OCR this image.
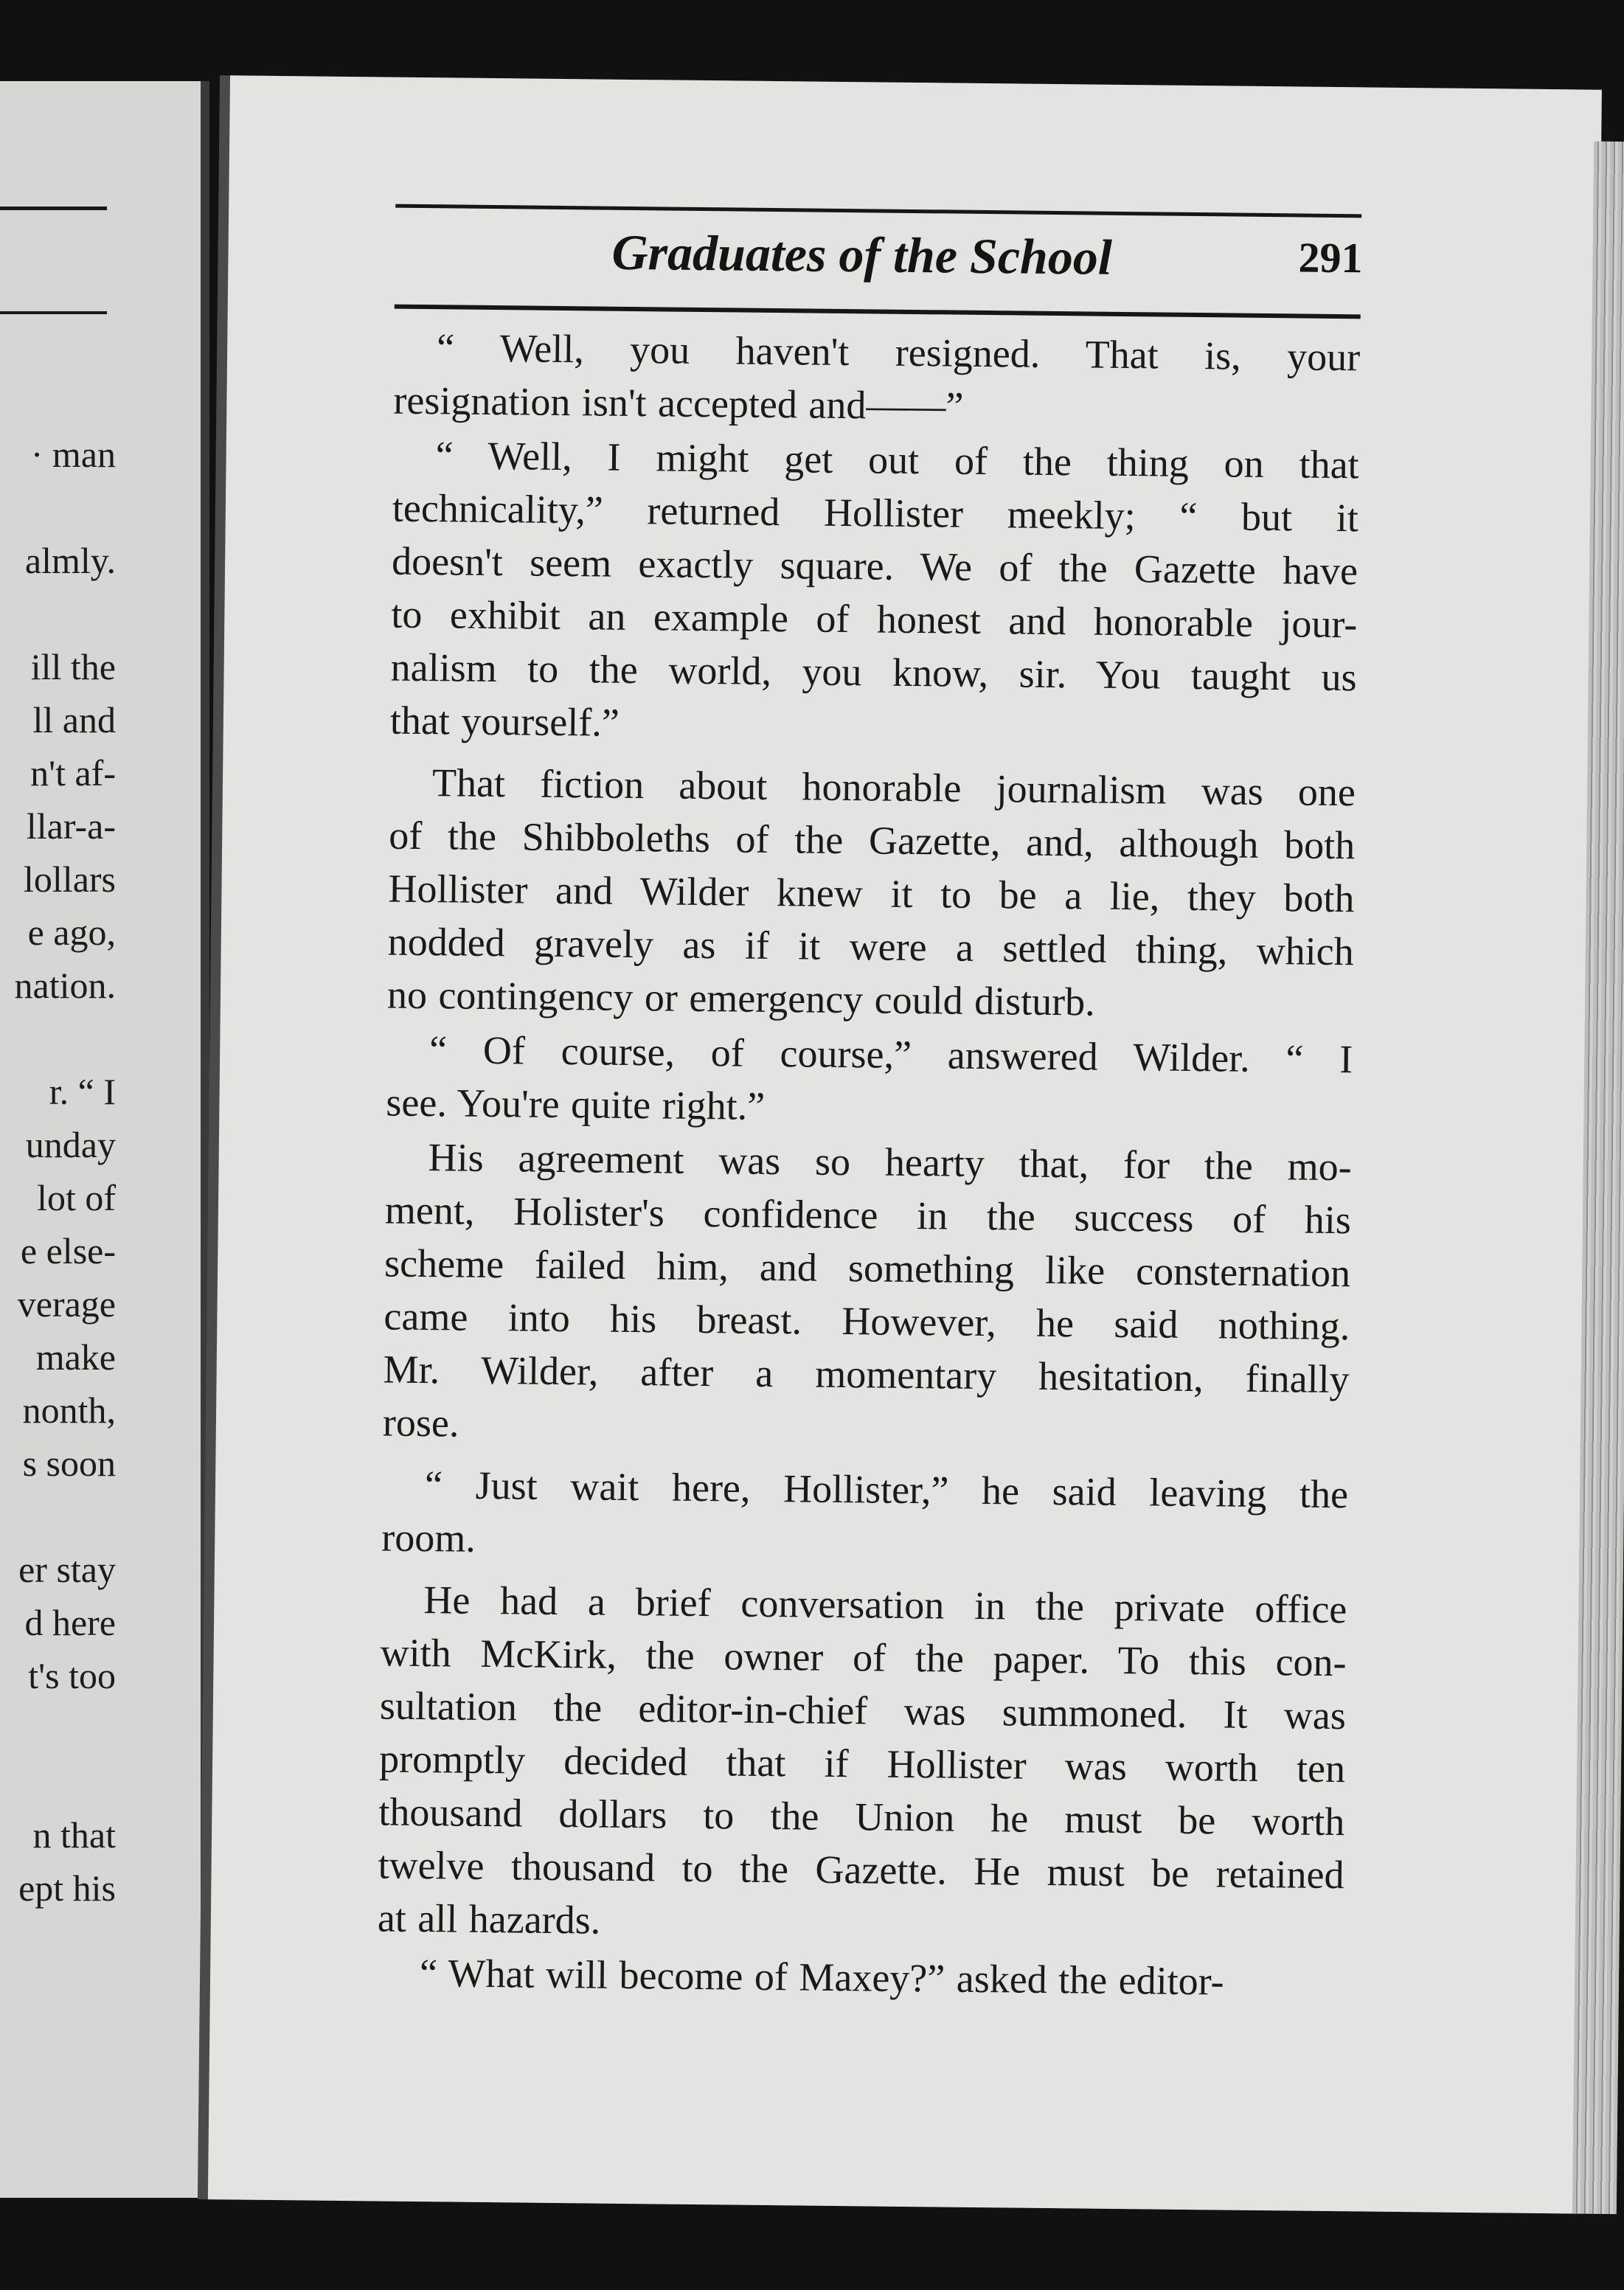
· man
almly.
ill the
ll and
n't af-
llar-a-
lollars
e ago,
nation.
r. “ I
unday
lot of
e else-
verage
make
nonth,
s soon
er stay
d here
t's too
n that
ept his
Graduates of the School	291
“ Well, you haven't resigned. That is, your
resignation isn't accepted and——”
“ Well, I might get out of the thing on that
technicality,” returned Hollister meekly; “ but it
doesn't seem exactly square. We of the Gazette have
to exhibit an example of honest and honorable jour-
nalism to the world, you know, sir. You taught us
that yourself.”
That fiction about honorable journalism was one
of the Shibboleths of the Gazette, and, although both
Hollister and Wilder knew it to be a lie, they both
nodded gravely as if it were a settled thing, which
no contingency or emergency could disturb.
“ Of course, of course,” answered Wilder. “ I
see. You're quite right.”
His agreement was so hearty that, for the mo-
ment, Holister's confidence in the success of his
scheme failed him, and something like consternation
came into his breast. However, he said nothing.
Mr. Wilder, after a momentary hesitation, finally
rose.
“ Just wait here, Hollister,” he said leaving the
room.
He had a brief conversation in the private office
with McKirk, the owner of the paper. To this con-
sultation the editor-in-chief was summoned. It was
promptly decided that if Hollister was worth ten
thousand dollars to the Union he must be worth
twelve thousand to the Gazette. He must be retained
at all hazards.
“ What will become of Maxey?” asked the editor-
